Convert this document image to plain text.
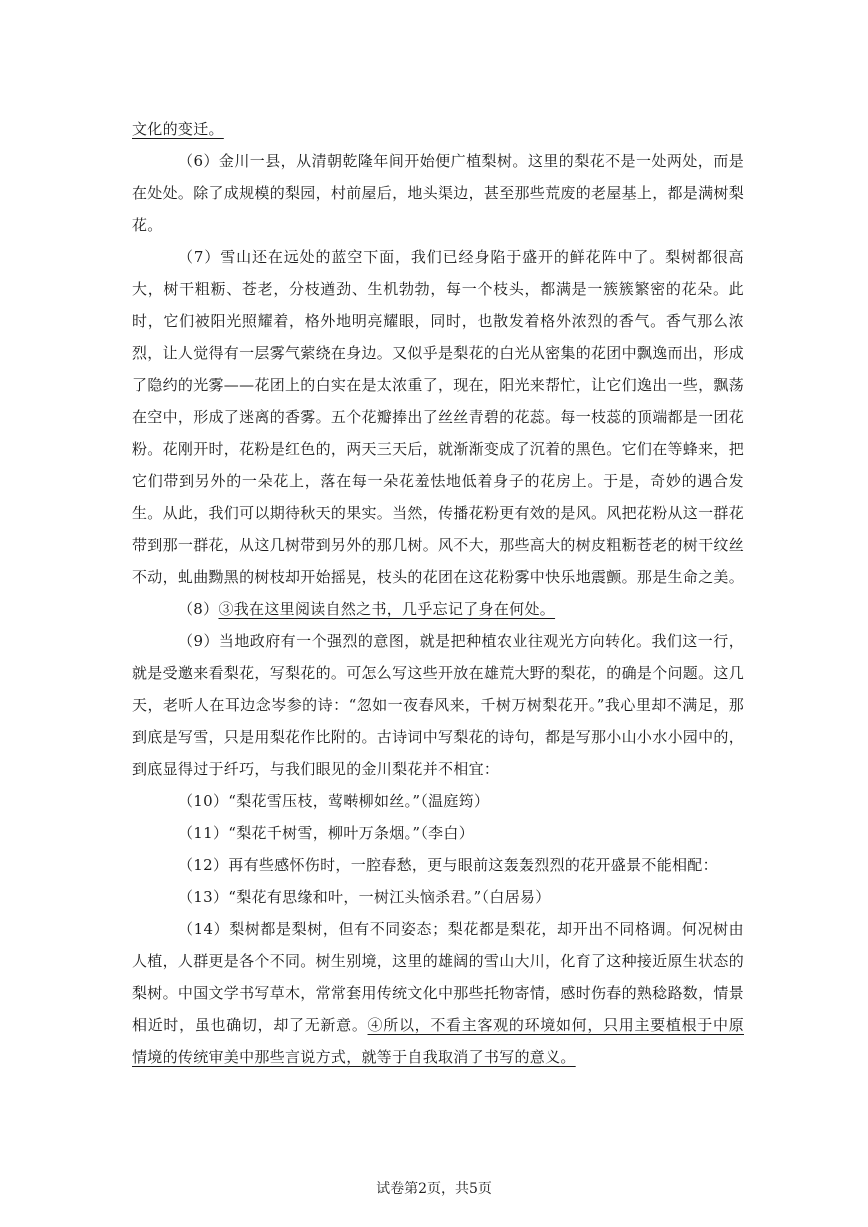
文化的变迁。

（6）金川一县，从清朝乾隆年间开始便广植梨树。这里的梨花不是一处两处，而是在处处。除了成规模的梨园，村前屋后，地头渠边，甚至那些荒废的老屋基上，都是满树梨花。

（7）雪山还在远处的蓝空下面，我们已经身陷于盛开的鲜花阵中了。梨树都很高大，树干粗粝、苍老，分枝遒劲、生机勃勃，每一个枝头，都满是一簇簇繁密的花朵。此时，它们被阳光照耀着，格外地明亮耀眼，同时，也散发着格外浓烈的香气。香气那么浓烈，让人觉得有一层雾气萦绕在身边。又似乎是梨花的白光从密集的花团中飘逸而出，形成了隐约的光雾——花团上的白实在是太浓重了，现在，阳光来帮忙，让它们逸出一些，飘荡在空中，形成了迷离的香雾。五个花瓣捧出了丝丝青碧的花蕊。每一枝蕊的顶端都是一团花粉。花刚开时，花粉是红色的，两天三天后，就渐渐变成了沉着的黑色。它们在等蜂来，把它们带到另外的一朵花上，落在每一朵花羞怯地低着身子的花房上。于是，奇妙的遇合发生。从此，我们可以期待秋天的果实。当然，传播花粉更有效的是风。风把花粉从这一群花带到那一群花，从这几树带到另外的那几树。风不大，那些高大的树皮粗粝苍老的树干纹丝不动，虬曲黝黑的树枝却开始摇晃，枝头的花团在这花粉雾中快乐地震颤。那是生命之美。

（8）③我在这里阅读自然之书，几乎忘记了身在何处。

（9）当地政府有一个强烈的意图，就是把种植农业往观光方向转化。我们这一行，就是受邀来看梨花，写梨花的。可怎么写这些开放在雄荒大野的梨花，的确是个问题。这几天，老听人在耳边念岑参的诗：“忽如一夜春风来，千树万树梨花开。”我心里却不满足，那到底是写雪，只是用梨花作比附的。古诗词中写梨花的诗句，都是写那小山小水小园中的，到底显得过于纤巧，与我们眼见的金川梨花并不相宜：

（10）“梨花雪压枝，莺啭柳如丝。”（温庭筠）

（11）“梨花千树雪，柳叶万条烟。”（李白）

（12）再有些感怀伤时，一腔春愁，更与眼前这轰轰烈烈的花开盛景不能相配：

（13）“梨花有思缘和叶，一树江头恼杀君。”（白居易）

（14）梨树都是梨树，但有不同姿态；梨花都是梨花，却开出不同格调。何况树由人植，人群更是各个不同。树生别境，这里的雄阔的雪山大川，化育了这种接近原生状态的梨树。中国文学书写草木，常常套用传统文化中那些托物寄情，感时伤春的熟稔路数，情景相近时，虽也确切，却了无新意。④所以，不看主客观的环境如何，只用主要植根于中原情境的传统审美中那些言说方式，就等于自我取消了书写的意义。

试卷第2页，共5页
